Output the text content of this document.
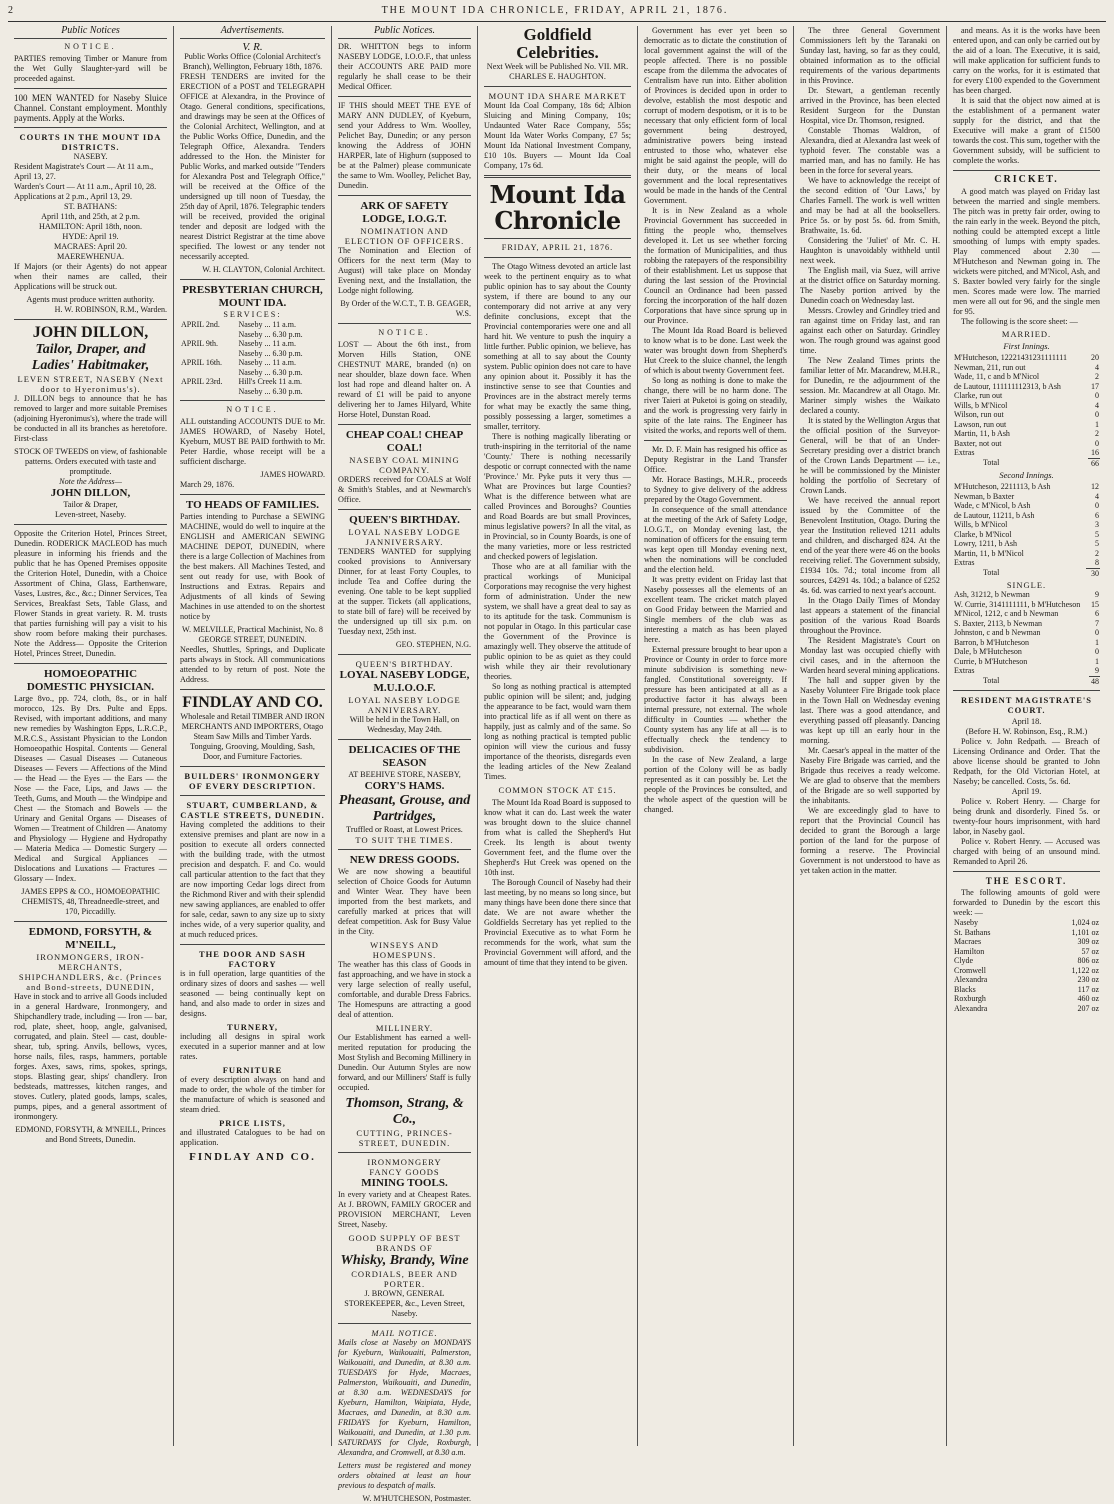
2	THE MOUNT IDA CHRONICLE, FRIDAY, APRIL 21, 1876.
Public Notices
NOTICE.
PARTIES removing Timber or Manure from the Wet Gully Slaughter-yard will be proceeded against.
100 MEN WANTED for Naseby Sluice Channel. Constant employment. Monthly payments. Apply at the Works.
COURTS IN THE MOUNT IDA DISTRICTS.
NASEBY.
Resident Magistrate's Court — At 11 a.m., April 13, 27.
Warden's Court — At 11 a.m., April 10, 28.
Applications at 2 p.m., April 13, 29.
ST. BATHANS:
April 11th, and 25th, at 2 p.m.
HAMILTON: April 18th, noon.
HYDE: April 19.
MACRAES: April 20.
MAEREWHENUA.
If Majors (or their Agents) do not appear when their names are called, their Applications will be struck out.
Agents must produce written authority.
H. W. ROBINSON, R.M., Warden.
JOHN DILLON,
Tailor, Draper, and Ladies' Habitmaker,
LEVEN STREET, NASEBY (Next door to Hyeronimus's).
J. DILLON begs to announce that he has removed to larger and more suitable Premises (adjoining Hyeronimus's), where the trade will be conducted in all its branches as heretofore. First-class
STOCK OF TWEEDS on view, of fashionable patterns. Orders executed with taste and promptitude.
Note the Address—
JOHN DILLON,
Tailor & Draper,
Leven-street, Naseby.
Opposite the Criterion Hotel, Princes Street, Dunedin. RODERICK MACLEOD has much pleasure in informing his friends and the public that he has Opened Premises opposite the Criterion Hotel, Dunedin, with a Choice Assortment of China, Glass, Earthenware, Vases, Lustres, &c., &c.; Dinner Services, Tea Services, Breakfast Sets, Table Glass, and Flower Stands in great variety. R. M. trusts that parties furnishing will pay a visit to his show room before making their purchases. Note the Address— Opposite the Criterion Hotel, Princes Street, Dunedin.
HOMOEOPATHIC DOMESTIC PHYSICIAN.
Large 8vo., pp. 724, cloth, 8s., or in half morocco, 12s. By Drs. Pulte and Epps. Revised, with important additions, and many new remedies by Washington Epps, L.R.C.P., M.R.C.S., Assistant Physician to the London Homoeopathic Hospital. Contents — General Diseases — Casual Diseases — Cutaneous Diseases — Fevers — Affections of the Mind — the Head — the Eyes — the Ears — the Nose — the Face, Lips, and Jaws — the Teeth, Gums, and Mouth — the Windpipe and Chest — the Stomach and Bowels — the Urinary and Genital Organs — Diseases of Women — Treatment of Children — Anatomy and Physiology — Hygiene and Hydropathy — Materia Medica — Domestic Surgery — Medical and Surgical Appliances — Dislocations and Luxations — Fractures — Glossary — Index.
JAMES EPPS & CO., HOMOEOPATHIC CHEMISTS, 48, Threadneedle-street, and 170, Piccadilly.
EDMOND, FORSYTH, & M'NEILL,
IRONMONGERS, IRON-MERCHANTS, SHIPCHANDLERS, &c. (Princes and Bond-streets, DUNEDIN,
Have in stock and to arrive all Goods included in a general Hardware, Ironmongery, and Shipchandlery trade, including — Iron — bar, rod, plate, sheet, hoop, angle, galvanised, corrugated, and plain. Steel — cast, double-shear, tub, spring. Anvils, bellows, vyces, horse nails, files, rasps, hammers, portable forges. Axes, saws, rims, spokes, springs, stops. Blasting gear, ships' chandlery. Iron bedsteads, mattresses, kitchen ranges, and stoves. Cutlery, plated goods, lamps, scales, pumps, pipes, and a general assortment of ironmongery.
EDMOND, FORSYTH, & M'NEILL, Princes and Bond Streets, Dunedin.
Advertisements.
V. R.
Public Works Office (Colonial Architect's Branch), Wellington, February 18th, 1876.
FRESH TENDERS are invited for the ERECTION of a POST and TELEGRAPH OFFICE at Alexandra, in the Province of Otago. General conditions, specifications, and drawings may be seen at the Offices of the Colonial Architect, Wellington, and at the Public Works Office, Dunedin, and the Telegraph Office, Alexandra. Tenders addressed to the Hon. the Minister for Public Works, and marked outside "Tenders for Alexandra Post and Telegraph Office," will be received at the Office of the undersigned up till noon of Tuesday, the 25th day of April, 1876. Telegraphic tenders will be received, provided the original tender and deposit are lodged with the nearest District Registrar at the time above specified. The lowest or any tender not necessarily accepted.
W. H. CLAYTON, Colonial Architect.
PRESBYTERIAN CHURCH, MOUNT IDA.
SERVICES:
APRIL 2nd.	Naseby ... 11 a.m.
	Naseby ... 6.30 p.m.
APRIL 9th.	Naseby ... 11 a.m.
	Naseby ... 6.30 p.m.
APRIL 16th.	Naseby ... 11 a.m.
	Naseby ... 6.30 p.m.
APRIL 23rd.	Hill's Creek 11 a.m.
	Naseby ... 6.30 p.m.
NOTICE.
ALL outstanding ACCOUNTS DUE to Mr. JAMES HOWARD, of Naseby Hotel, Kyeburn, MUST BE PAID forthwith to Mr. Peter Hardie, whose receipt will be a sufficient discharge.
JAMES HOWARD.
March 29, 1876.
TO HEADS OF FAMILIES.
Parties intending to Purchase a SEWING MACHINE, would do well to inquire at the ENGLISH and AMERICAN SEWING MACHINE DEPOT, DUNEDIN, where there is a large Collection of Machines from the best makers. All Machines Tested, and sent out ready for use, with Book of Instructions and Extras. Repairs and Adjustments of all kinds of Sewing Machines in use attended to on the shortest notice by
W. MELVILLE, Practical Machinist, No. 8 GEORGE STREET, DUNEDIN.
Needles, Shuttles, Springs, and Duplicate parts always in Stock. All communications attended to by return of post. Note the Address.
FINDLAY AND CO.
Wholesale and Retail TIMBER AND IRON MERCHANTS AND IMPORTERS, Otago Steam Saw Mills and Timber Yards.
Tonguing, Grooving, Moulding, Sash, Door, and Furniture Factories.
BUILDERS' IRONMONGERY OF EVERY DESCRIPTION.
STUART, CUMBERLAND, & CASTLE STREETS, DUNEDIN.
Having completed the additions to their extensive premises and plant are now in a position to execute all orders connected with the building trade, with the utmost precision and despatch. F. and Co. would call particular attention to the fact that they are now importing Cedar logs direct from the Richmond River and with their splendid new sawing appliances, are enabled to offer for sale, cedar, sawn to any size up to sixty inches wide, of a very superior quality, and at much reduced prices.
THE DOOR AND SASH FACTORY
is in full operation, large quantities of the ordinary sizes of doors and sashes — well seasoned — being continually kept on hand, and also made to order in sizes and designs.
TURNERY,
including all designs in spiral work executed in a superior manner and at low rates.
FURNITURE
of every description always on hand and made to order, the whole of the timber for the manufacture of which is seasoned and steam dried.
PRICE LISTS,
and illustrated Catalogues to be had on application.
FINDLAY AND CO.
Public Notices.
DR. WHITTON begs to inform NASEBY LODGE, I.O.O.F., that unless their ACCOUNTS ARE PAID more regularly he shall cease to be their Medical Officer.
IF THIS should MEET THE EYE of MARY ANN DUDLEY, of Kyeburn, send your Address to Wm. Woolley, Pelichet Bay, Dunedin; or any person knowing the Address of JOHN HARPER, late of Highurn (supposed to be at the Palmer) please communicate the same to Wm. Woolley, Pelichet Bay, Dunedin.
ARK OF SAFETY LODGE, I.O.G.T.
NOMINATION AND ELECTION OF OFFICERS.
The Nomination and Election of Officers for the next term (May to August) will take place on Monday Evening next, and the Installation, the Lodge night following.
By Order of the W.C.T., T. B. GEAGER, W.S.
NOTICE.
LOST — About the 6th inst., from Morven Hills Station, ONE CHESTNUT MARE, branded (n) on near shoulder, blaze down face. When lost had rope and dleand halter on. A reward of £1 will be paid to anyone delivering her to James Hilyard, White Horse Hotel, Dunstan Road.
CHEAP COAL! CHEAP COAL!
NASEBY COAL MINING COMPANY.
ORDERS received for COALS at Wolf & Smith's Stables, and at Newmarch's Office.
QUEEN'S BIRTHDAY.
LOYAL NASEBY LODGE JANNIVERSARY.
TENDERS WANTED for supplying cooked provisions to Anniversary Dinner, for at least Forty Couples, to include Tea and Coffee during the evening. One table to be kept supplied at the supper. Tickets (all applications, to state bill of fare) will be received by the undersigned up till six p.m. on Tuesday next, 25th inst.
GEO. STEPHEN, N.G.
QUEEN'S BIRTHDAY.
LOYAL NASEBY LODGE, M.U.I.O.O.F.
LOYAL NASEBY LODGE ANNIVERSARY.
Will be held in the Town Hall, on Wednesday, May 24th.
DELICACIES OF THE SEASON
AT BEEHIVE STORE, NASEBY,
CORY'S HAMS.
Pheasant, Grouse, and Partridges,
Truffled or Roast, at Lowest Prices.
TO SUIT THE TIMES.
NEW DRESS GOODS.
We are now showing a beautiful selection of Choice Goods for Autumn and Winter Wear. They have been imported from the best markets, and carefully marked at prices that will defeat competition. Ask for Busy Value in the City.
WINSEYS AND HOMESPUNS.
The weather has this class of Goods in fast approaching, and we have in stock a very large selection of really useful, comfortable, and durable Dress Fabrics. The Homespuns are attracting a good deal of attention.
MILLINERY.
Our Establishment has earned a well-merited reputation for producing the Most Stylish and Becoming Millinery in Dunedin. Our Autumn Styles are now forward, and our Milliners' Staff is fully occupied.
Thomson, Strang, & Co.,
CUTTING, PRINCES-STREET, DUNEDIN.
IRONMONGERY
FANCY GOODS
MINING TOOLS.
In every variety and at Cheapest Rates. At J. BROWN, FAMILY GROCER and PROVISION MERCHANT, Leven Street, Naseby.
GOOD SUPPLY OF BEST BRANDS OF
Whisky, Brandy, Wine
CORDIALS, BEER AND PORTER.
J. BROWN, GENERAL STOREKEEPER, &c., Leven Street, Naseby.
MAIL NOTICE.
Mails close at Naseby on MONDAYS for Kyeburn, Waikouaiti, Palmerston, Waikouaiti, and Dunedin, at 8.30 a.m. TUESDAYS for Hyde, Macraes, Palmerston, Waikouaiti, and Dunedin, at 8.30 a.m. WEDNESDAYS for Kyeburn, Hamilton, Waipiata, Hyde, Macraes, and Dunedin, at 8.30 a.m. FRIDAYS for Kyeburn, Hamilton, Waikouaiti, and Dunedin, at 1.30 p.m. SATURDAYS for Clyde, Roxburgh, Alexandra, and Cromwell, at 8.30 a.m.
Letters must be registered and money orders obtained at least an hour previous to despatch of mails.
W. M'HUTCHESON, Postmaster.
Goldfield Celebrities.
Next Week will be Published No. VII. MR. CHARLES E. HAUGHTON.
MOUNT IDA SHARE MARKET
Mount Ida Coal Company, 18s 6d; Albion Sluicing and Mining Company, 10s; Undaunted Water Race Company, 55s; Mount Ida Water Works Company, £7 5s; Mount Ida National Investment Company, £10 10s. Buyers — Mount Ida Coal Company, 17s 6d.
Mount Ida Chronicle
FRIDAY, APRIL 21, 1876.
The Otago Witness devoted an article last week to the pertinent enquiry as to what public opinion has to say about the County system, if there are bound to any our contemporary did not arrive at any very definite conclusions, except that the Provincial contemporaries were one and all hard hit. We venture to push the inquiry a little further. Public opinion, we believe, has something at all to say about the County system. Public opinion does not care to have any opinion about it. Possibly it has the instinctive sense to see that Counties and Provinces are in the abstract merely terms for what may be exactly the same thing, possibly possessing a larger, sometimes a smaller, territory.
There is nothing magically liberating or truth-inspiring in the territorial of the name 'County.' There is nothing necessarily despotic or corrupt connected with the name 'Province.' Mr. Pyke puts it very thus — What are Provinces but large Counties? What is the difference between what are called Provinces and Boroughs? Counties and Road Boards are but small Provinces, minus legislative powers? In all the vital, as in Provincial, so in County Boards, is one of the many varieties, more or less restricted and checked powers of legislation.
Those who are at all familiar with the practical workings of Municipal Corporations may recognise the very highest form of administration. Under the new system, we shall have a great deal to say as to its aptitude for the task. Communism is not popular in Otago. In this particular case the Government of the Province is amazingly well. They observe the attitude of public opinion to be as quiet as they could wish while they air their revolutionary theories.
So long as nothing practical is attempted public opinion will be silent; and, judging the appearance to be fact, would warn them into practical life as if all went on there as happily, just as calmly and of the same. So long as nothing practical is tempted public opinion will view the curious and fussy importance of the theorists, disregards even the leading articles of the New Zealand Times.
COMMON STOCK AT £15.
The Mount Ida Road Board is supposed to know what it can do. Last week the water was brought down to the sluice channel from what is called the Shepherd's Hut Creek. Its length is about twenty Government feet, and the flume over the Shepherd's Hut Creek was opened on the 10th inst.
The Borough Council of Naseby had their last meeting, by no means so long since, but many things have been done there since that date. We are not aware whether the Goldfields Secretary has yet replied to the Provincial Executive as to what Form he recommends for the work, what sum the Provincial Government will afford, and the amount of time that they intend to be given.
Government has ever yet been so democratic as to dictate the constitution of local government against the will of the people affected. There is no possible escape from the dilemma the advocates of Centralism have run into. Either abolition of Provinces is decided upon in order to devolve, establish the most despotic and corrupt of modern despotism, or it is to be necessary that only efficient form of local government being destroyed, administrative powers being instead entrusted to those who, whatever else might be said against the people, will do their duty, or the means of local government and the local representatives would be made in the hands of the Central Government.
It is in New Zealand as a whole Provincial Government has succeeded in fitting the people who, themselves developed it. Let us see whether forcing the formation of Municipalities, and thus robbing the ratepayers of the responsibility of their establishment. Let us suppose that during the last session of the Provincial Council an Ordinance had been passed forcing the incorporation of the half dozen Corporations that have since sprung up in our Province.
The Mount Ida Road Board is believed to know what is to be done. Last week the water was brought down from Shepherd's Hut Creek to the sluice channel, the length of which is about twenty Government feet.
So long as nothing is done to make the change, there will be no harm done. The river Taieri at Puketoi is going on steadily, and the work is progressing very fairly in spite of the late rains. The Engineer has visited the works, and reports well of them.
Mr. D. F. Main has resigned his office as Deputy Registrar in the Land Transfer Office.
Mr. Horace Bastings, M.H.R., proceeds to Sydney to give delivery of the address prepared by the Otago Government.
In consequence of the small attendance at the meeting of the Ark of Safety Lodge, I.O.G.T., on Monday evening last, the nomination of officers for the ensuing term was kept open till Monday evening next, when the nominations will be concluded and the election held.
It was pretty evident on Friday last that Naseby possesses all the elements of an excellent team. The cricket match played on Good Friday between the Married and Single members of the club was as interesting a match as has been played here.
External pressure brought to bear upon a Province or County in order to force more minute subdivision is something new-fangled. Constitutional sovereignty. If pressure has been anticipated at all as a productive factor it has always been internal pressure, not external. The whole difficulty in Counties — whether the County system has any life at all — is to effectually check the tendency to subdivision.
In the case of New Zealand, a large portion of the Colony will be as badly represented as it can possibly be. Let the people of the Provinces be consulted, and the whole aspect of the question will be changed.
The three General Government Commissioners left by the Taranaki on Sunday last, having, so far as they could, obtained information as to the official requirements of the various departments in this Province.
Dr. Stewart, a gentleman recently arrived in the Province, has been elected Resident Surgeon for the Dunstan Hospital, vice Dr. Thomson, resigned.
Constable Thomas Waldron, of Alexandra, died at Alexandra last week of typhoid fever. The constable was a married man, and has no family. He has been in the force for several years.
We have to acknowledge the receipt of the second edition of 'Our Laws,' by Charles Farnell. The work is well written and may be had at all the booksellers. Price 5s. or by post 5s. 6d. from Smith, Brathwaite, 1s. 6d.
Considering the 'Juliet' of Mr. C. H. Haughton is unavoidably withheld until next week.
The English mail, via Suez, will arrive at the district office on Saturday morning. The Naseby portion arrived by the Dunedin coach on Wednesday last.
Messrs. Crowley and Grindley tried and ran against time on Friday last, and ran against each other on Saturday. Grindley won. The rough ground was against good time.
The New Zealand Times prints the familiar letter of Mr. Macandrew, M.H.R., for Dunedin, re the adjournment of the session. Mr. Macandrew at all Otago. Mr. Mariner simply wishes the Waikato declared a county.
It is stated by the Wellington Argus that the official position of the Surveyor-General, will be that of an Under-Secretary presiding over a district branch of the Crown Lands Department — i.e., he will be commissioned by the Minister holding the portfolio of Secretary of Crown Lands.
We have received the annual report issued by the Committee of the Benevolent Institution, Otago. During the year the Institution relieved 1211 adults and children, and discharged 824. At the end of the year there were 46 on the books receiving relief. The Government subsidy, £1934 10s. 7d.; total income from all sources, £4291 4s. 10d.; a balance of £252 4s. 6d. was carried to next year's account.
In the Otago Daily Times of Monday last appears a statement of the financial position of the various Road Boards throughout the Province.
The Resident Magistrate's Court on Monday last was occupied chiefly with civil cases, and in the afternoon the Warden heard several mining applications.
The hall and supper given by the Naseby Volunteer Fire Brigade took place in the Town Hall on Wednesday evening last. There was a good attendance, and everything passed off pleasantly. Dancing was kept up till an early hour in the morning.
Mr. Caesar's appeal in the matter of the Naseby Fire Brigade was carried, and the Brigade thus receives a ready welcome. We are glad to observe that the members of the Brigade are so well supported by the inhabitants.
We are exceedingly glad to have to report that the Provincial Council has decided to grant the Borough a large portion of the land for the purpose of forming a reserve. The Provincial Government is not understood to have as yet taken action in the matter.
and means. As it is the works have been entered upon, and can only be carried out by the aid of a loan. The Executive, it is said, will make application for sufficient funds to carry on the works, for it is estimated that for every £100 expended to the Government has been charged.
It is said that the object now aimed at is the establishment of a permanent water supply for the district, and that the Executive will make a grant of £1500 towards the cost. This sum, together with the Government subsidy, will be sufficient to complete the works.
CRICKET.
A good match was played on Friday last between the married and single members. The pitch was in pretty fair order, owing to the rain early in the week. Beyond the pitch, nothing could be attempted except a little smoothing of lumps with empty spades. Play commenced about 2.30 — M'Hutcheson and Newman going in. The wickets were pitched, and M'Nicol, Ash, and S. Baxter bowled very fairly for the single men. Scores made were low. The married men were all out for 96, and the single men for 95.
The following is the score sheet: —
MARRIED.
First Innings.
M'Hutcheson, 12221431231111111	20
Newman, 211, run out	4
Wade, 11, c and b M'Nicol	2
de Lautour, 111111112313, b Ash	17
Clarke, run out	0
Wills, b M'Nicol	4
Wilson, run out	0
Lawson, run out	1
Martin, 11, b Ash	2
Baxter, not out	0
Extras	16
Total	66
Second Innings.
M'Hutcheson, 2211113, b Ash	12
Newman, b Baxter	4
Wade, c M'Nicol, b Ash	0
de Lautour, 11211, b Ash	6
Wills, b M'Nicol	3
Clarke, b M'Nicol	5
Lowry, 1211, b Ash	5
Martin, 11, b M'Nicol	2
Extras	8
Total	30
SINGLE.
Ash, 31212, b Newman	9
W. Currie, 3141111111, b M'Hutcheson	15
M'Nicol, 1212, c and b Newman	6
S. Baxter, 2113, b Newman	7
Johnston, c and b Newman	0
Barron, b M'Hutcheson	1
Dale, b M'Hutcheson	0
Currie, b M'Hutcheson	1
Extras	9
Total	48
RESIDENT MAGISTRATE'S COURT.
April 18.
(Before H. W. Robinson, Esq., R.M.)
Police v. John Redpath. — Breach of Licensing Ordinance and Order. That the above license should be granted to John Redpath, for the Old Victorian Hotel, at Naseby; be cancelled. Costs, 5s. 6d.
April 19.
Police v. Robert Henry. — Charge for being drunk and disorderly. Fined 5s. or twenty-four hours imprisonment, with hard labor, in Naseby gaol.
Police v. Robert Henry. — Accused was charged with being of an unsound mind. Remanded to April 26.
THE ESCORT.
The following amounts of gold were forwarded to Dunedin by the escort this week: —
Naseby	1,024 oz
St. Bathans	1,101 oz
Macraes	309 oz
Hamilton	57 oz
Clyde	806 oz
Cromwell	1,122 oz
Alexandra	230 oz
Blacks	117 oz
Roxburgh	460 oz
Alexandra	207 oz
